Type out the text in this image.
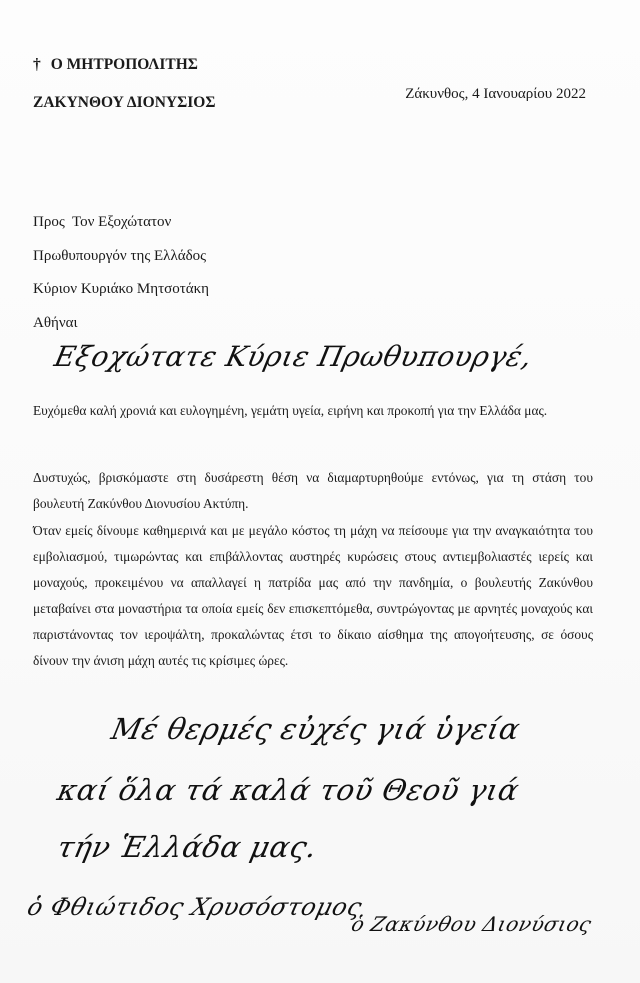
† Ο ΜΗΤΡΟΠΟΛΙΤΗΣ
ΖΑΚΥΝΘΟΥ ΔΙΟΝΥΣΙΟΣ	Ζάκυνθος, 4 Ιανουαρίου 2022
Προς  Τον Εξοχώτατον
Πρωθυπουργόν της Ελλάδος
Κύριον Κυριάκο Μητσοτάκη
Αθήναι
Εξοχώτατε Κύριε Πρωθυπουργέ,
Ευχόμεθα καλή χρονιά και ευλογημένη, γεμάτη υγεία, ειρήνη και προκοπή για την Ελλάδα μας.
Δυστυχώς, βρισκόμαστε στη δυσάρεστη θέση να διαμαρτυρηθούμε εντόνως, για τη στάση του βουλευτή Ζακύνθου Διονυσίου Ακτύπη.
Όταν εμείς δίνουμε καθημερινά και με μεγάλο κόστος τη μάχη να πείσουμε για την αναγκαιότητα του εμβολιασμού, τιμωρώντας και επιβάλλοντας αυστηρές κυρώσεις στους αντιεμβολιαστές ιερείς και μοναχούς, προκειμένου να απαλλαγεί η πατρίδα μας από την πανδημία, ο βουλευτής Ζακύνθου μεταβαίνει στα μοναστήρια τα οποία εμείς δεν επισκεπτόμεθα, συντρώγοντας με αρνητές μοναχούς και παριστάνοντας τον ιεροψάλτη, προκαλώντας έτσι το δίκαιο αίσθημα της απογοήτευσης, σε όσους δίνουν την άνιση μάχη αυτές τις κρίσιμες ώρες.
Μέ θερμές εὐχές γιά ὑγεία
καί ὅλα τά καλά τοῦ Θεοῦ γιά
τήν Ἑλλάδα μας.
ὁ Φθιώτιδος Χρυσόστομος
ὁ Ζακύνθου Διονύσιος
